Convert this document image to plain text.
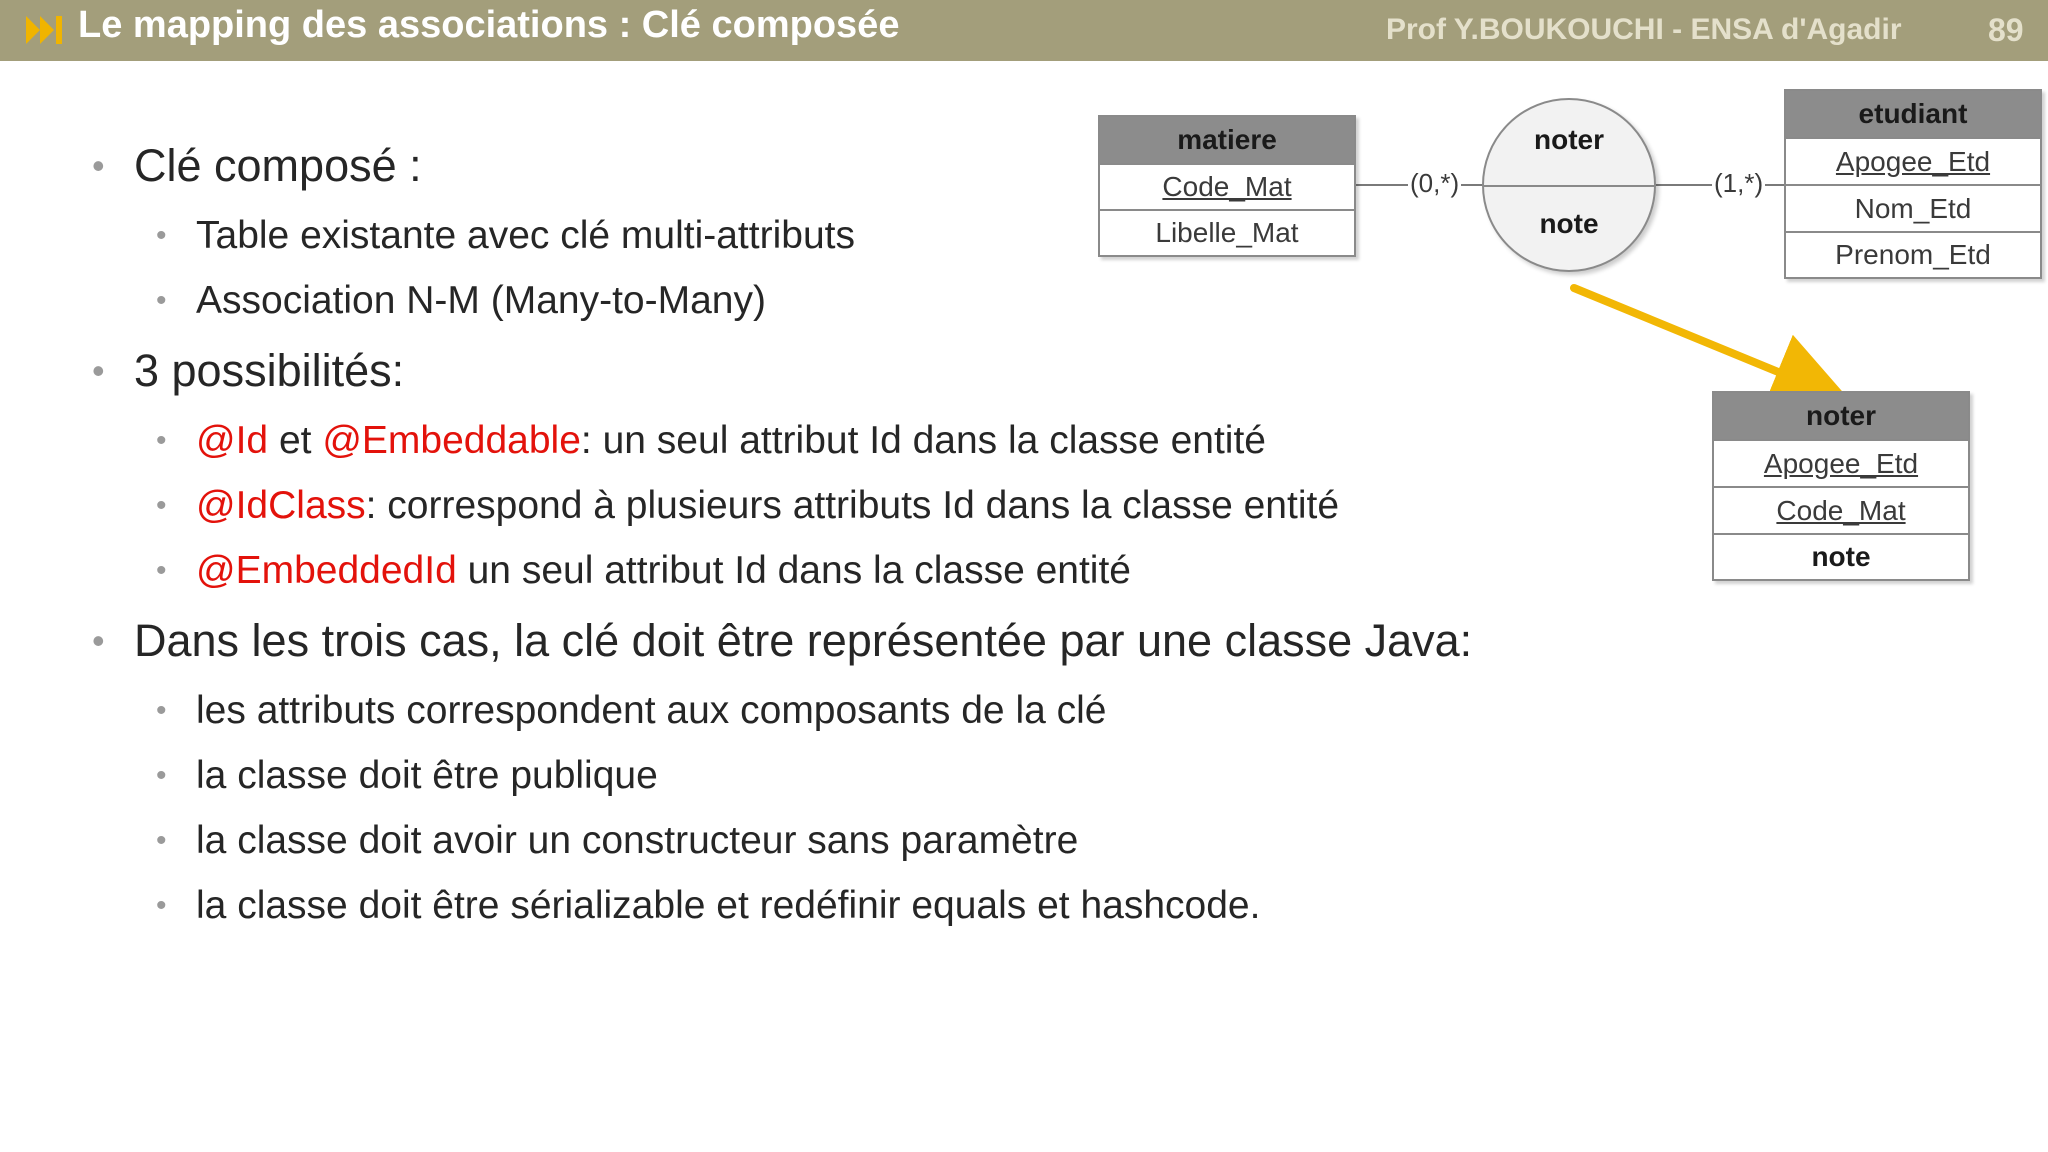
Le mapping des associations : Clé composée	Prof Y.BOUKOUCHI - ENSA d'Agadir	89
• Clé composé :
• Table existante avec clé multi-attributs
• Association N-M (Many-to-Many)
• 3 possibilités:
• @Id et @Embeddable: un seul attribut Id dans la classe entité
• @IdClass: correspond à plusieurs attributs Id dans la classe entité
• @EmbeddedId un seul attribut Id dans la classe entité
• Dans les trois cas, la clé doit être représentée par une classe Java:
• les attributs correspondent aux composants de la clé
• la classe doit être publique
• la classe doit avoir un constructeur sans paramètre
• la classe doit être sérializable et redéfinir equals et hashcode.
(0,*)	(1,*)
matiere
Code_Mat
Libelle_Mat
noter
note
etudiant
Apogee_Etd
Nom_Etd
Prenom_Etd
noter
Apogee_Etd
Code_Mat
note
